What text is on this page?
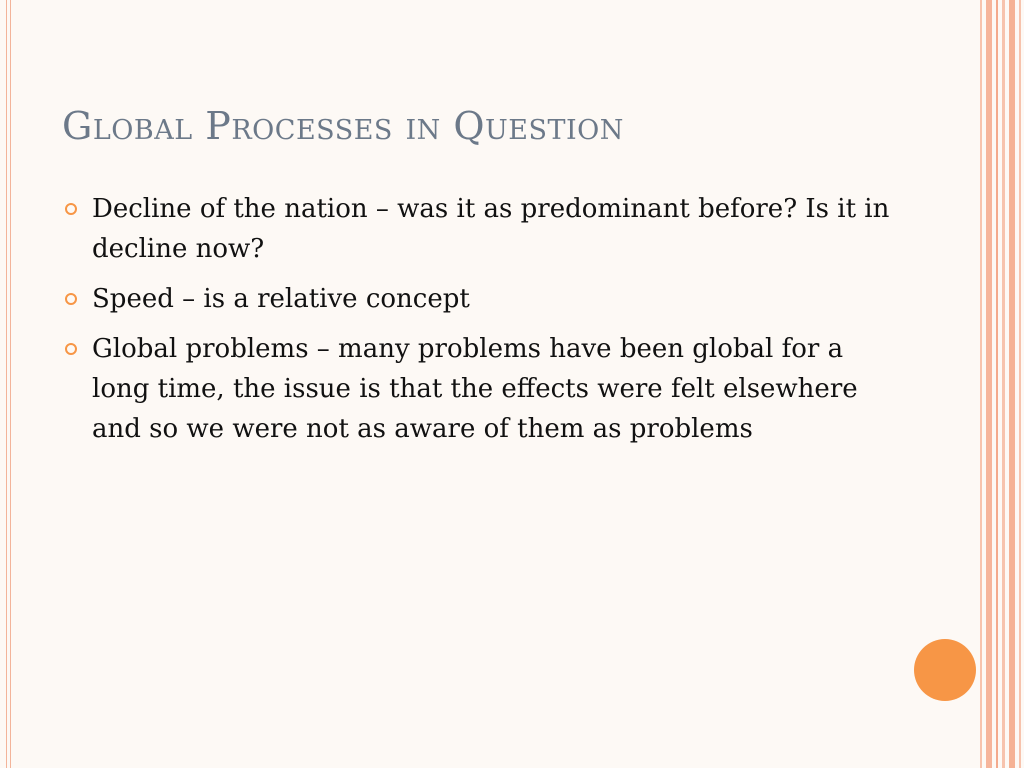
Global Processes in Question
Decline of the nation – was it as predominant before? Is it in decline now?
Speed – is a relative concept
Global problems – many problems have been global for a long time, the issue is that the effects were felt elsewhere and so we were not as aware of them as problems
